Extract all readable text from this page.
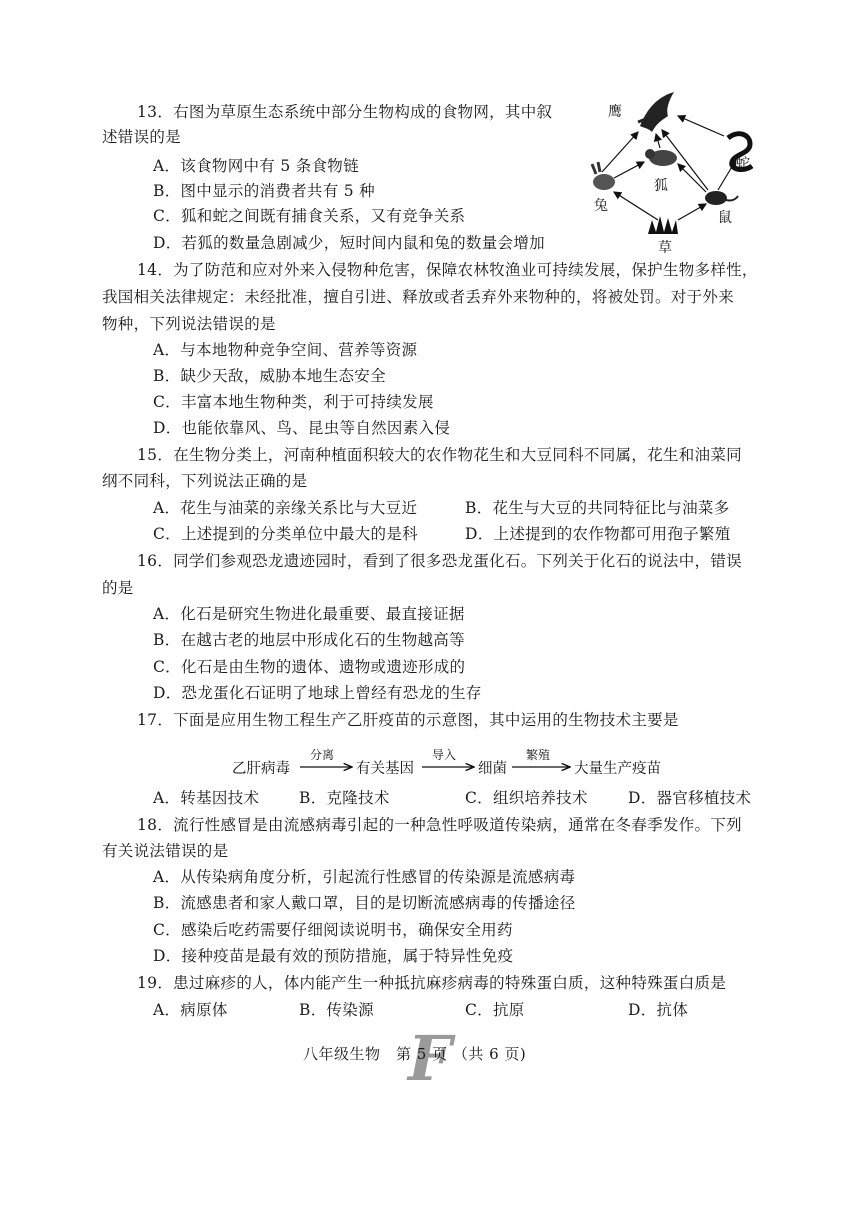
13．右图为草原生态系统中部分生物构成的食物网，其中叙
述错误的是
A．该食物网中有 5 条食物链
B．图中显示的消费者共有 5 种
C．狐和蛇之间既有捕食关系，又有竞争关系
D．若狐的数量急剧减少，短时间内鼠和兔的数量会增加
鹰
蛇
狐
兔
鼠
草
14．为了防范和应对外来入侵物种危害，保障农林牧渔业可持续发展，保护生物多样性，
我国相关法律规定：未经批准，擅自引进、释放或者丢弃外来物种的，将被处罚。对于外来
物种，下列说法错误的是
A．与本地物种竞争空间、营养等资源
B．缺少天敌，威胁本地生态安全
C．丰富本地生物种类，利于可持续发展
D．也能依靠风、鸟、昆虫等自然因素入侵
15．在生物分类上，河南种植面积较大的农作物花生和大豆同科不同属，花生和油菜同
纲不同科，下列说法正确的是
A．花生与油菜的亲缘关系比与大豆近	B．花生与大豆的共同特征比与油菜多
C．上述提到的分类单位中最大的是科	D．上述提到的农作物都可用孢子繁殖
16．同学们参观恐龙遗迹园时，看到了很多恐龙蛋化石。下列关于化石的说法中，错误
的是
A．化石是研究生物进化最重要、最直接证据
B．在越古老的地层中形成化石的生物越高等
C．化石是由生物的遗体、遗物或遗迹形成的
D．恐龙蛋化石证明了地球上曾经有恐龙的生存
17．下面是应用生物工程生产乙肝疫苗的示意图，其中运用的生物技术主要是
乙肝病毒
分离
有关基因
导入
细菌
繁殖
大量生产疫苗
A．转基因技术	B．克隆技术	C．组织培养技术	D．器官移植技术
18．流行性感冒是由流感病毒引起的一种急性呼吸道传染病，通常在冬春季发作。下列
有关说法错误的是
A．从传染病角度分析，引起流行性感冒的传染源是流感病毒
B．流感患者和家人戴口罩，目的是切断流感病毒的传播途径
C．感染后吃药需要仔细阅读说明书，确保安全用药
D．接种疫苗是最有效的预防措施，属于特异性免疫
19．患过麻疹的人，体内能产生一种抵抗麻疹病毒的特殊蛋白质，这种特殊蛋白质是
A．病原体	B．传染源	C．抗原	D．抗体
F
八年级生物　第 5 页 （共 6 页)
